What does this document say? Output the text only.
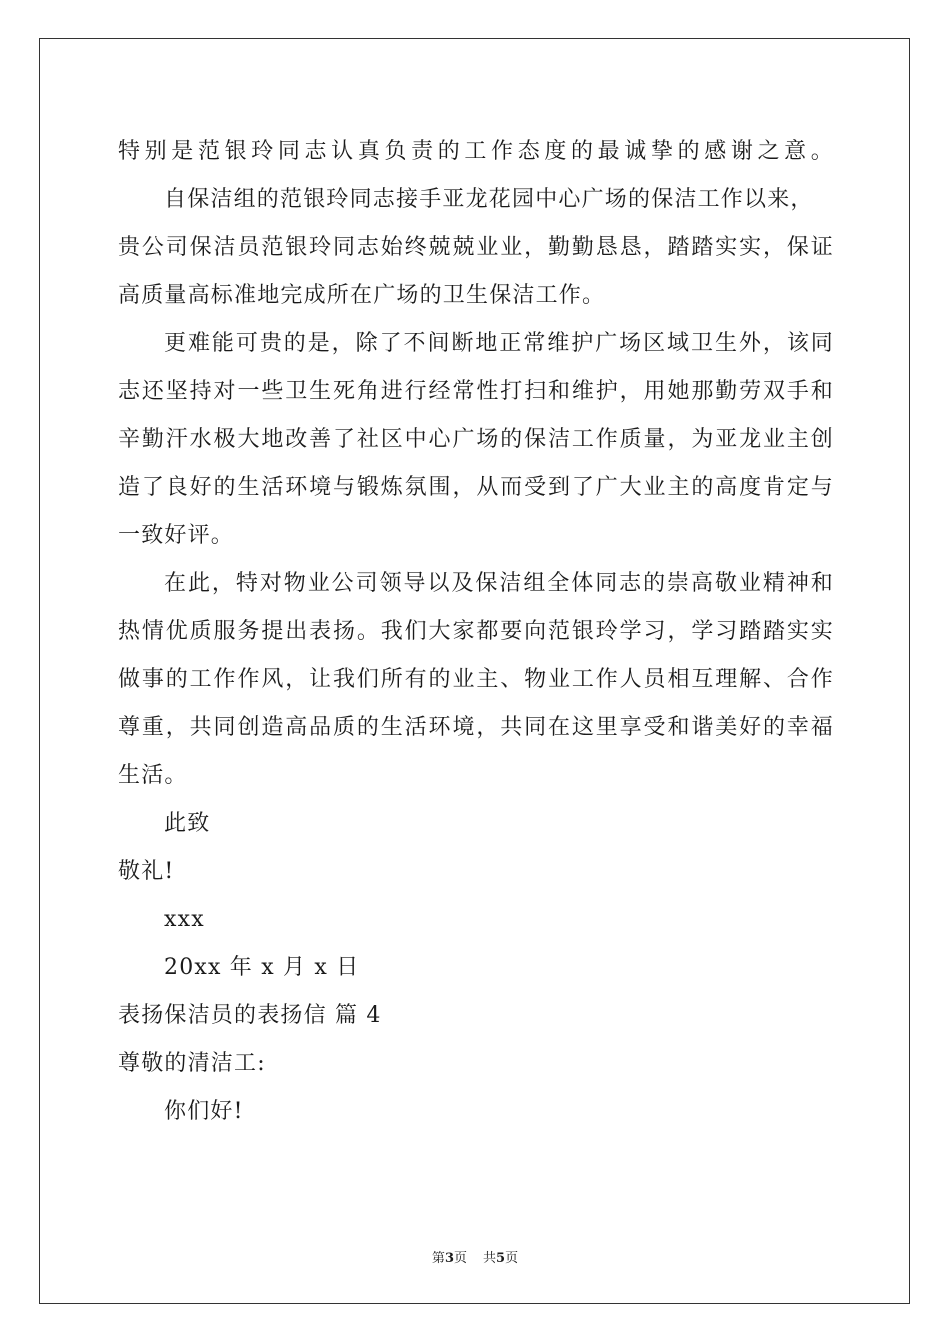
特别是范银玲同志认真负责的工作态度的最诚挚的感谢之意。
自保洁组的范银玲同志接手亚龙花园中心广场的保洁工作以来，
贵公司保洁员范银玲同志始终兢兢业业，勤勤恳恳，踏踏实实，保证
高质量高标准地完成所在广场的卫生保洁工作。
更难能可贵的是，除了不间断地正常维护广场区域卫生外，该同
志还坚持对一些卫生死角进行经常性打扫和维护，用她那勤劳双手和
辛勤汗水极大地改善了社区中心广场的保洁工作质量，为亚龙业主创
造了良好的生活环境与锻炼氛围，从而受到了广大业主的高度肯定与
一致好评。
在此，特对物业公司领导以及保洁组全体同志的崇高敬业精神和
热情优质服务提出表扬。我们大家都要向范银玲学习，学习踏踏实实
做事的工作作风，让我们所有的业主、物业工作人员相互理解、合作
尊重，共同创造高品质的生活环境，共同在这里享受和谐美好的幸福
生活。
此致
敬礼!
xxx
20xx 年 x 月 x 日
表扬保洁员的表扬信 篇 4
尊敬的清洁工:
你们好!
第3页 共5页
